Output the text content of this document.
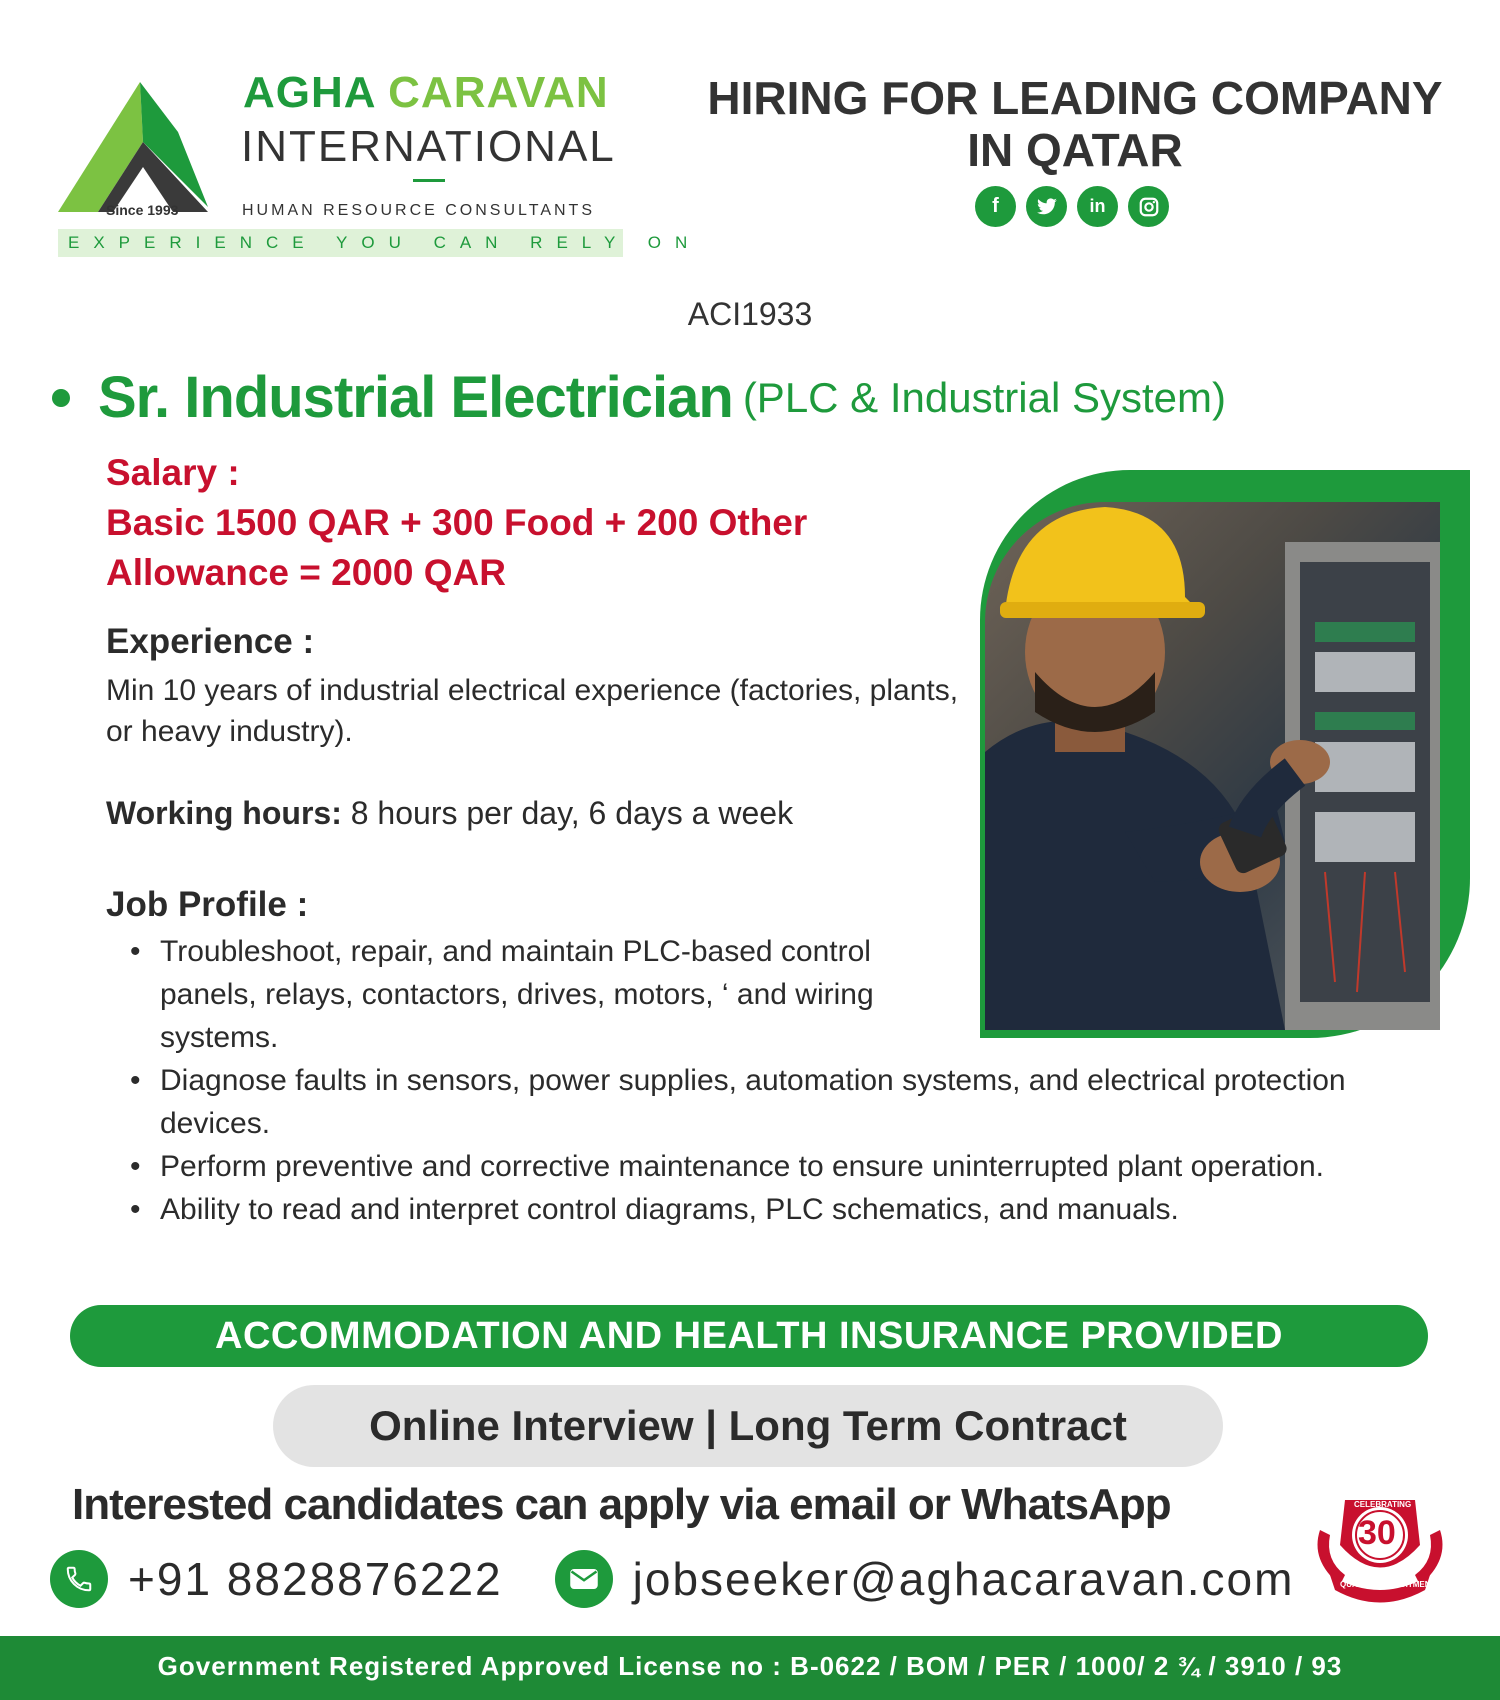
Since 1993
AGHA CARAVAN
INTERNATIONAL
HUMAN RESOURCE CONSULTANTS
EXPERIENCE YOU CAN RELY ON
HIRING FOR LEADING COMPANY
IN QATAR
f	in
ACI1933
Sr. Industrial Electrician (PLC & Industrial System)
Salary :
Basic 1500 QAR + 300 Food + 200 Other
Allowance = 2000 QAR
Experience :
Min 10 years of industrial electrical experience (factories, plants, or heavy industry).
Working hours: 8 hours per day, 6 days a week
Job Profile :
• Troubleshoot, repair, and maintain PLC-based control panels, relays, contactors, drives, motors, ‘ and wiring systems.
• Diagnose faults in sensors, power supplies, automation systems, and electrical protection devices.
• Perform preventive and corrective maintenance to ensure uninterrupted plant operation.
• Ability to read and interpret control diagrams, PLC schematics, and manuals.
ACCOMMODATION AND HEALTH INSURANCE PROVIDED
Online Interview | Long Term Contract
Interested candidates can apply via email or WhatsApp
+91 8828876222	jobseeker@aghacaravan.com
30
CELEBRATING
QUALITY RECRUITMENT
Government Registered Approved License no : B-0622 / BOM / PER / 1000/ 2 ¾ / 3910 / 93
